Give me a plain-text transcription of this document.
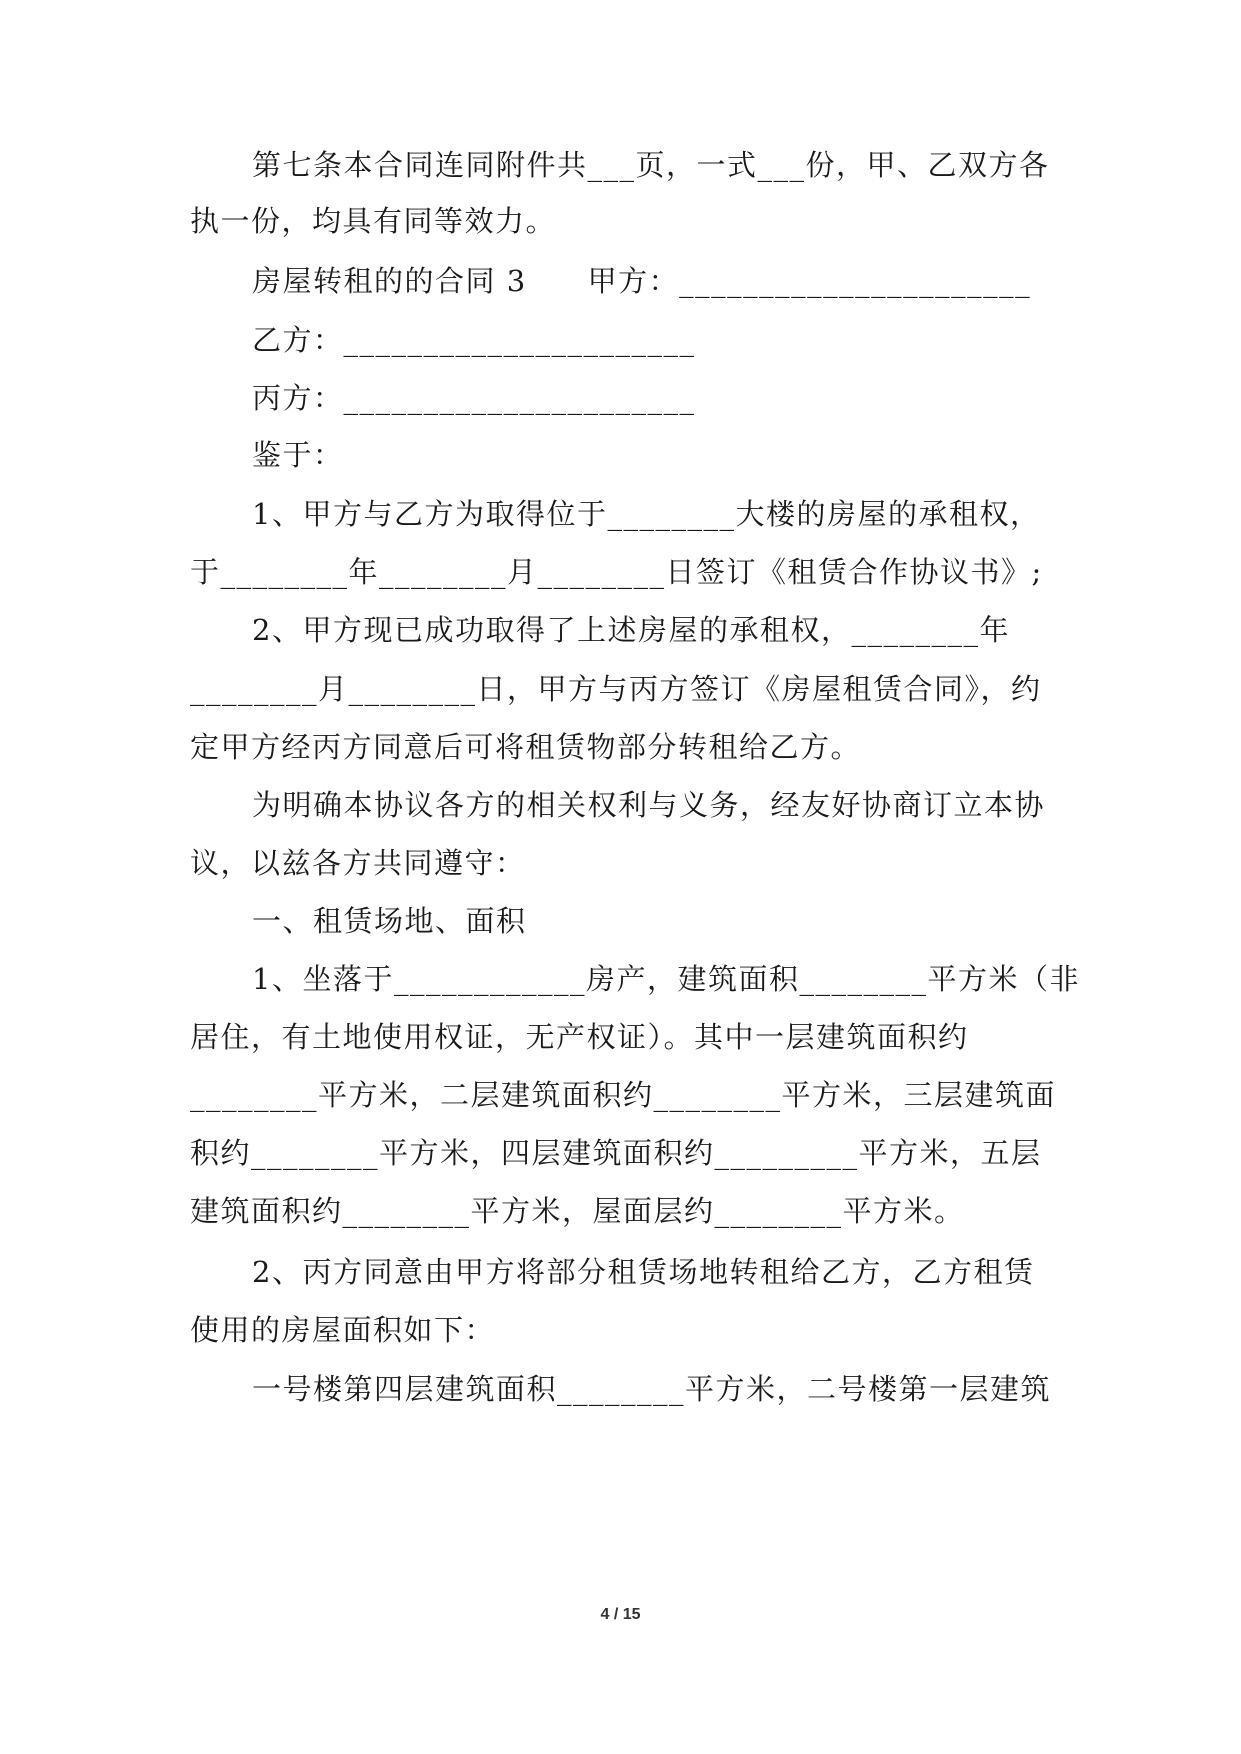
第七条本合同连同附件共___页，一式___份，甲、乙双方各
执一份，均具有同等效力。
房屋转租的的合同 3　　甲方：______________________
乙方：______________________
丙方：______________________
鉴于：
1、甲方与乙方为取得位于________大楼的房屋的承租权，
于________年________月________日签订《租赁合作协议书》;
2、甲方现已成功取得了上述房屋的承租权，________年
________月________日，甲方与丙方签订《房屋租赁合同》，约
定甲方经丙方同意后可将租赁物部分转租给乙方。
为明确本协议各方的相关权利与义务，经友好协商订立本协
议，以兹各方共同遵守：
一、租赁场地、面积
1、坐落于____________房产，建筑面积________平方米（非
居住，有土地使用权证，无产权证）。其中一层建筑面积约
________平方米，二层建筑面积约________平方米，三层建筑面
积约________平方米，四层建筑面积约_________平方米，五层
建筑面积约________平方米，屋面层约________平方米。
2、丙方同意由甲方将部分租赁场地转租给乙方，乙方租赁
使用的房屋面积如下：
一号楼第四层建筑面积________平方米，二号楼第一层建筑
4 / 15
